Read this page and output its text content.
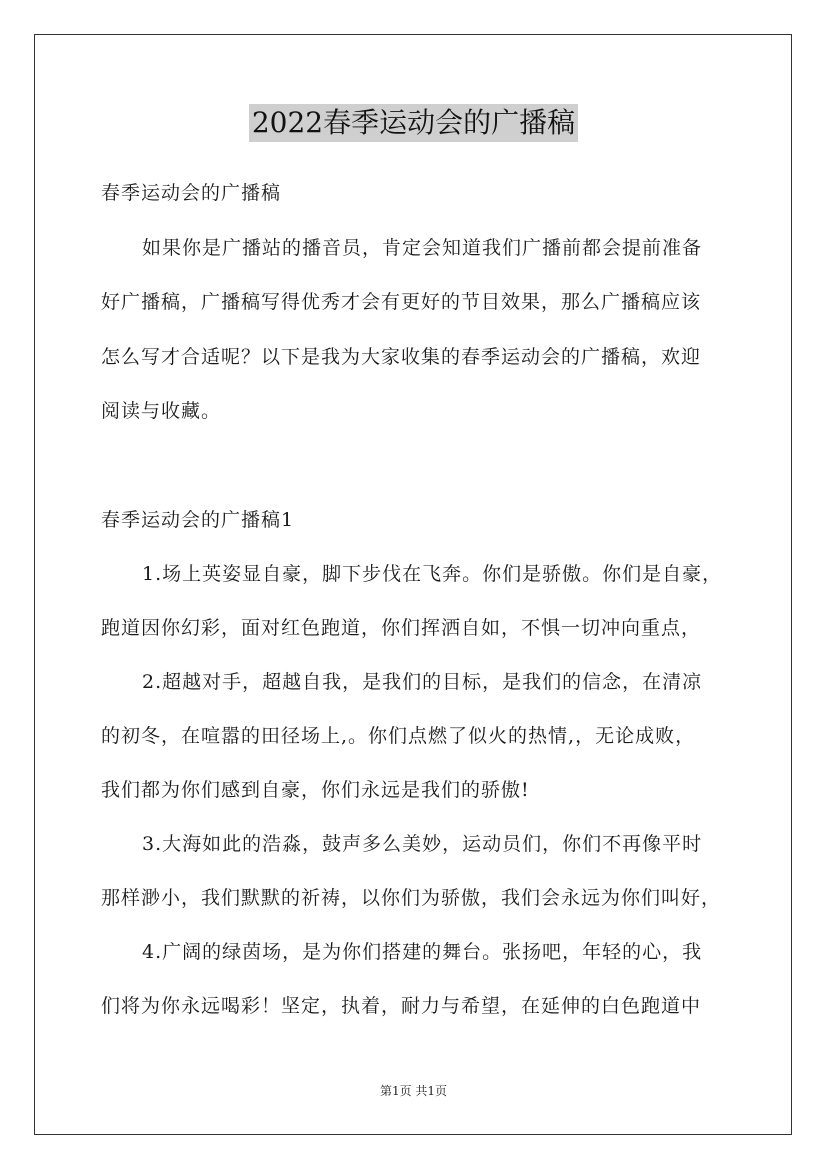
2022春季运动会的广播稿
春季运动会的广播稿
如果你是广播站的播音员，肯定会知道我们广播前都会提前准备
好广播稿，广播稿写得优秀才会有更好的节目效果，那么广播稿应该
怎么写才合适呢？以下是我为大家收集的春季运动会的广播稿，欢迎
阅读与收藏。
春季运动会的广播稿1
1.场上英姿显自豪，脚下步伐在飞奔。你们是骄傲。你们是自豪，
跑道因你幻彩，面对红色跑道，你们挥洒自如，不惧一切冲向重点，
2.超越对手，超越自我，是我们的目标，是我们的信念，在清凉
的初冬，在喧嚣的田径场上,。你们点燃了似火的热情,，无论成败，
我们都为你们感到自豪，你们永远是我们的骄傲!
3.大海如此的浩淼，鼓声多么美妙，运动员们，你们不再像平时
那样渺小，我们默默的祈祷，以你们为骄傲，我们会永远为你们叫好，
4.广阔的绿茵场，是为你们搭建的舞台。张扬吧，年轻的心，我
们将为你永远喝彩！坚定，执着，耐力与希望，在延伸的白色跑道中
第1页 共1页
